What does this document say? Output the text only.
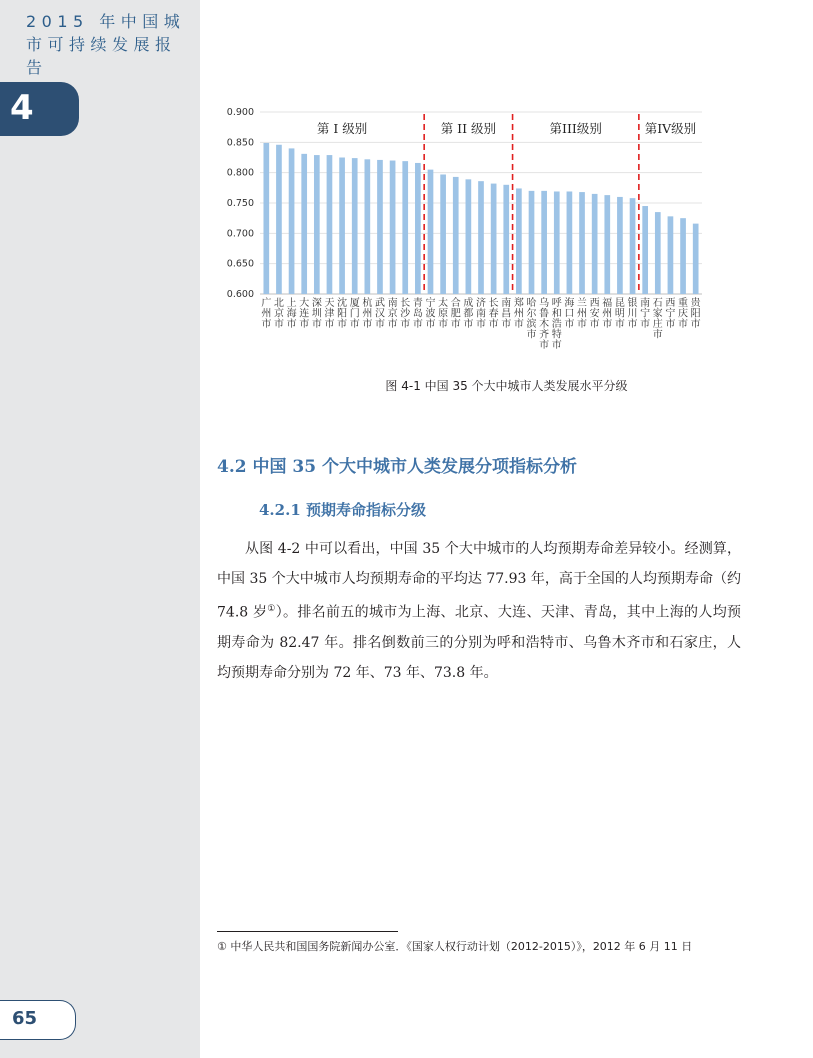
2015 年中国城市可持续发展报告
4
65
0.600
0.650
0.700
0.750
0.800
0.850
0.900
广州市
北京市
上海市
大连市
深圳市
天津市
沈阳市
厦门市
杭州市
武汉市
南京市
长沙市
青岛市
宁波市
太原市
合肥市
成都市
济南市
长春市
南昌市
郑州市
哈尔滨市
乌鲁木齐市
呼和浩特市
海口市
兰州市
西安市
福州市
昆明市
银川市
南宁市
石家庄市
西宁市
重庆市
贵阳市
第 I 级别	第 II 级别	第III级别	第IV级别
图 4-1 中国 35 个大中城市人类发展水平分级
4.2 中国 35 个大中城市人类发展分项指标分析
4.2.1 预期寿命指标分级
从图 4-2 中可以看出，中国 35 个大中城市的人均预期寿命差异较小。经测算，中国 35 个大中城市人均预期寿命的平均达 77.93 年，高于全国的人均预期寿命（约 74.8 岁①）。排名前五的城市为上海、北京、大连、天津、青岛，其中上海的人均预期寿命为 82.47 年。排名倒数前三的分别为呼和浩特市、乌鲁木齐市和石家庄，人均预期寿命分别为 72 年、73 年、73.8 年。
① 中华人民共和国国务院新闻办公室．《国家人权行动计划（2012-2015）》，2012 年 6 月 11 日
